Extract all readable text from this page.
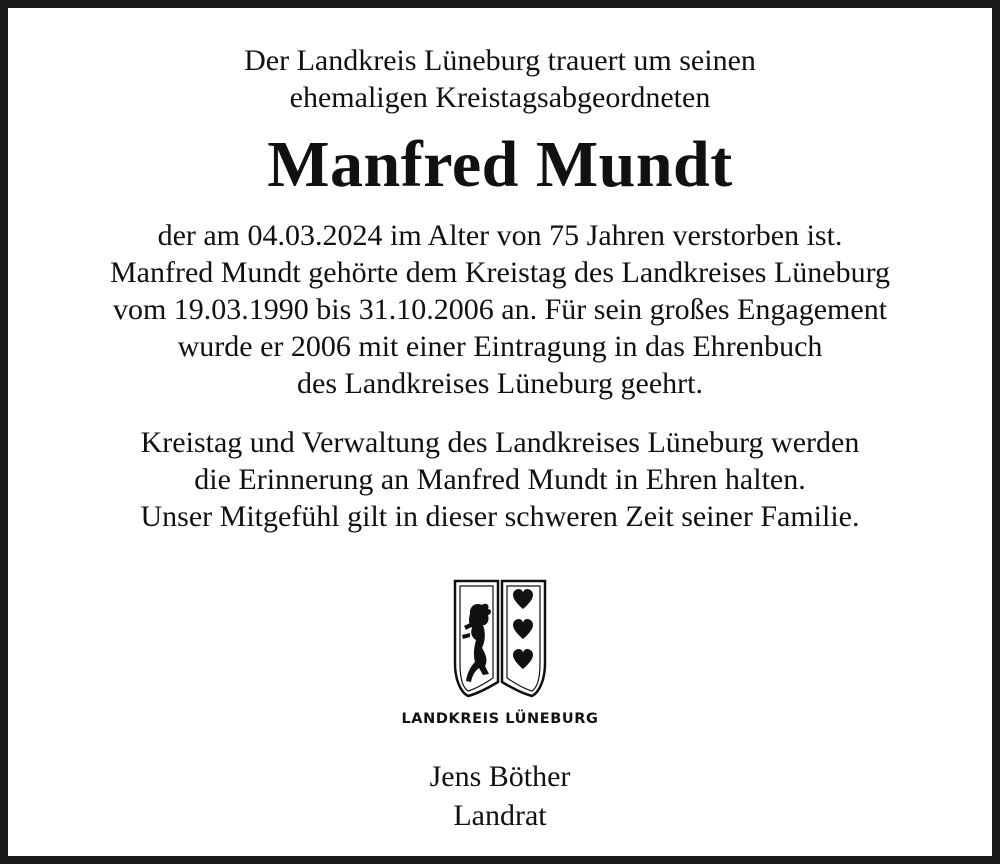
Der Landkreis Lüneburg trauert um seinen
ehemaligen Kreistagsabgeordneten
Manfred Mundt
der am 04.03.2024 im Alter von 75 Jahren verstorben ist.
Manfred Mundt gehörte dem Kreistag des Landkreises Lüneburg
vom 19.03.1990 bis 31.10.2006 an. Für sein großes Engagement
wurde er 2006 mit einer Eintragung in das Ehrenbuch
des Landkreises Lüneburg geehrt.
Kreistag und Verwaltung des Landkreises Lüneburg werden
die Erinnerung an Manfred Mundt in Ehren halten.
Unser Mitgefühl gilt in dieser schweren Zeit seiner Familie.
LANDKREIS LÜNEBURG
Jens Böther
Landrat
